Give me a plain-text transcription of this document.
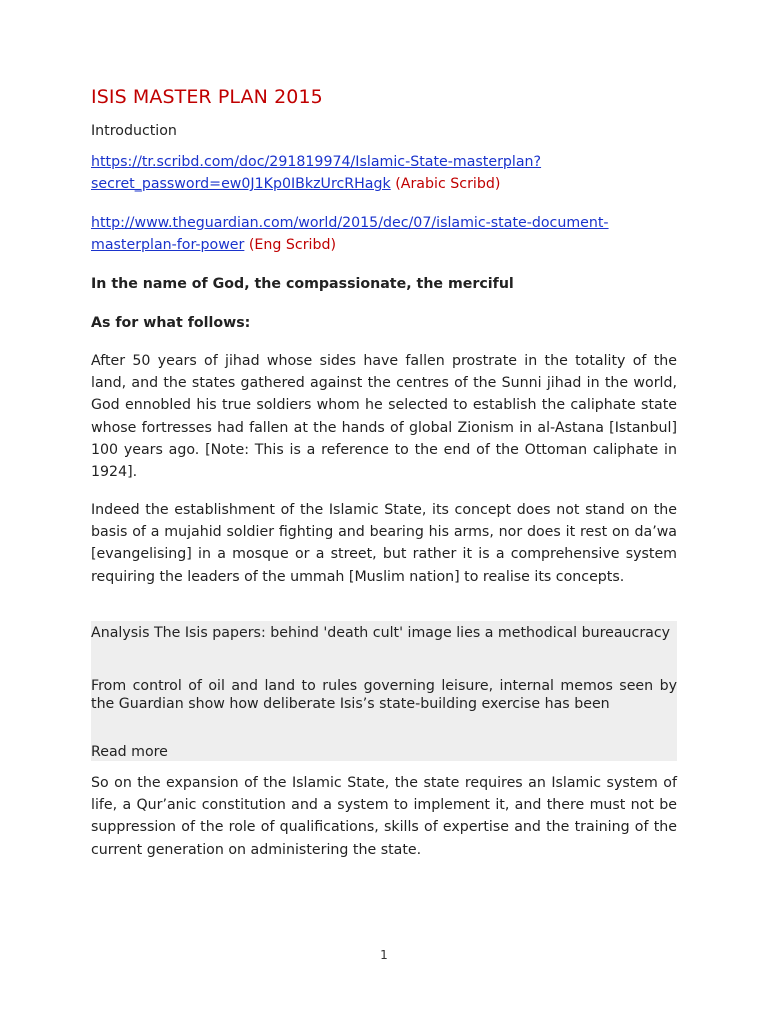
ISIS MASTER PLAN 2015

Introduction

https://tr.scribd.com/doc/291819974/Islamic-State-masterplan?
secret_password=ew0J1Kp0IBkzUrcRHagk (Arabic Scribd)

http://www.theguardian.com/world/2015/dec/07/islamic-state-document-
masterplan-for-power (Eng Scribd)

In the name of God, the compassionate, the merciful

As for what follows:

After 50 years of jihad whose sides have fallen prostrate in the totality of the land, and the states gathered against the centres of the Sunni jihad in the world, God ennobled his true soldiers whom he selected to establish the caliphate state whose fortresses had fallen at the hands of global Zionism in al-Astana [Istanbul] 100 years ago. [Note: This is a reference to the end of the Ottoman caliphate in 1924].

Indeed the establishment of the Islamic State, its concept does not stand on the basis of a mujahid soldier fighting and bearing his arms, nor does it rest on da’wa [evangelising] in a mosque or a street, but rather it is a comprehensive system requiring the leaders of the ummah [Muslim nation] to realise its concepts.

Analysis The Isis papers: behind 'death cult' image lies a methodical bureaucracy

From control of oil and land to rules governing leisure, internal memos seen by the Guardian show how deliberate Isis’s state-building exercise has been

Read more

So on the expansion of the Islamic State, the state requires an Islamic system of life, a Qur’anic constitution and a system to implement it, and there must not be suppression of the role of qualifications, skills of expertise and the training of the current generation on administering the state.

1
